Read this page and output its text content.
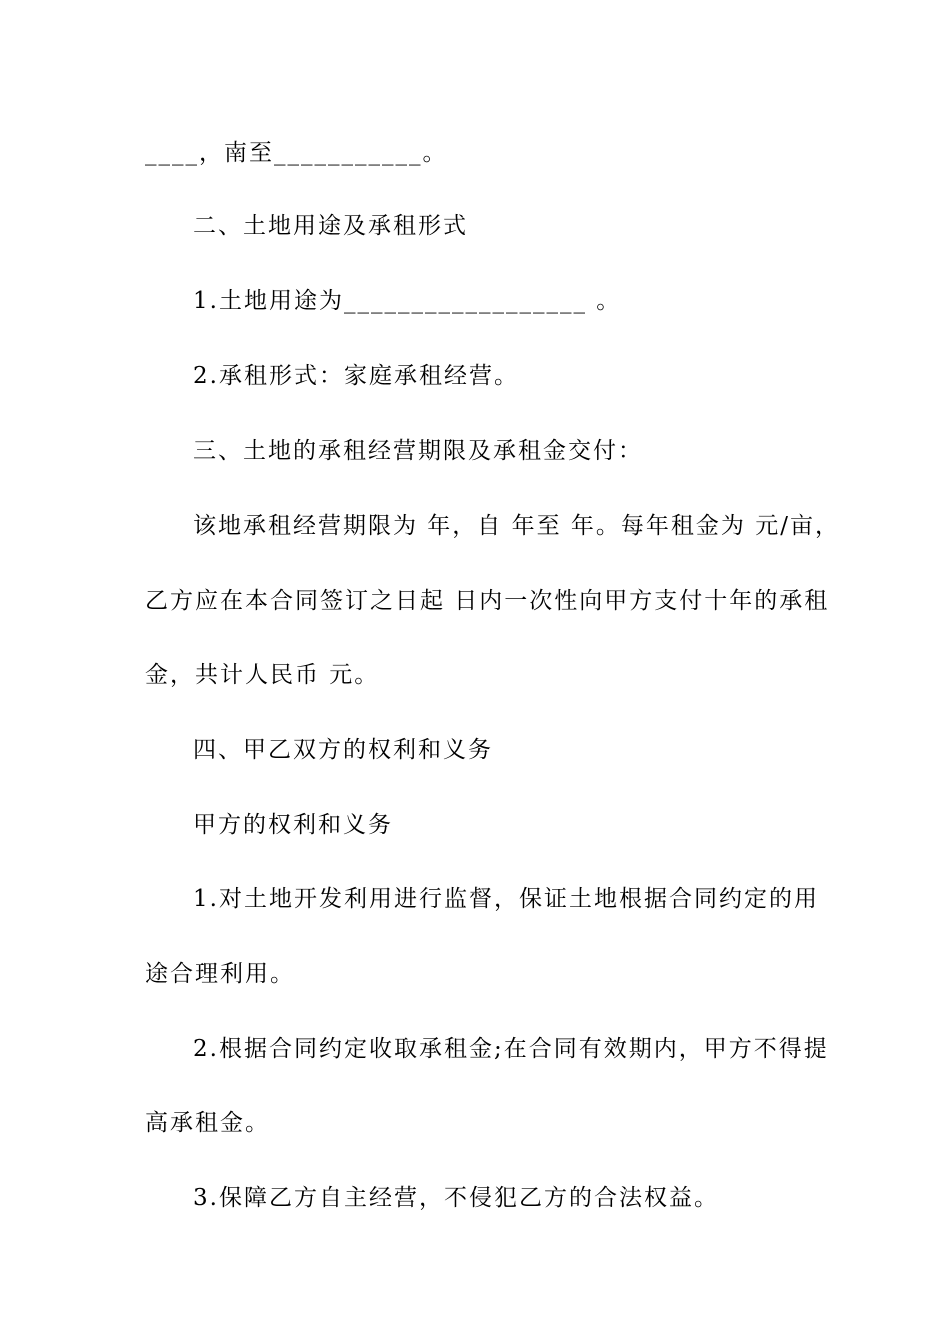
____，南至___________。
二、土地用途及承租形式
1.土地用途为__________________ 。
2.承租形式：家庭承租经营。
三、土地的承租经营期限及承租金交付：
该地承租经营期限为 年，自 年至 年。每年租金为 元/亩，
乙方应在本合同签订之日起 日内一次性向甲方支付十年的承租
金，共计人民币 元。
四、甲乙双方的权利和义务
甲方的权利和义务
1.对土地开发利用进行监督，保证土地根据合同约定的用
途合理利用。
2.根据合同约定收取承租金;在合同有效期内，甲方不得提
高承租金。
3.保障乙方自主经营，不侵犯乙方的合法权益。
